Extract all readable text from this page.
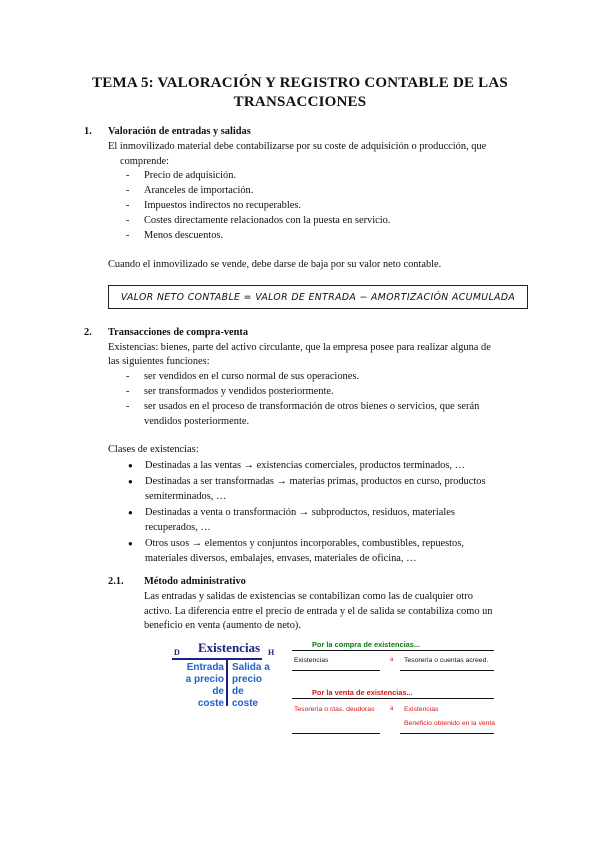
TEMA 5: VALORACIÓN Y REGISTRO CONTABLE DE LAS
TRANSACCIONES
1. Valoración de entradas y salidas
El inmovilizado material debe contabilizarse por su coste de adquisición o producción, que
comprende:
- Precio de adquisición.
- Aranceles de importación.
- Impuestos indirectos no recuperables.
- Costes directamente relacionados con la puesta en servicio.
- Menos descuentos.
Cuando el inmovilizado se vende, debe darse de baja por su valor neto contable.
VALOR NETO CONTABLE = VALOR DE ENTRADA − AMORTIZACIÓN ACUMULADA
2. Transacciones de compra-venta
Existencias: bienes, parte del activo circulante, que la empresa posee para realizar alguna de
las siguientes funciones:
- ser vendidos en el curso normal de sus operaciones.
- ser transformados y vendidos posteriormente.
- ser usados en el proceso de transformación de otros bienes o servicios, que serán
vendidos posteriormente.
Clases de existencias:
● Destinadas a las ventas → existencias comerciales, productos terminados, …
● Destinadas a ser transformadas → materias primas, productos en curso, productos
semiterminados, …
● Destinadas a venta o transformación → subproductos, residuos, materiales
recuperados, …
● Otros usos → elementos y conjuntos incorporables, combustibles, repuestos,
materiales diversos, embalajes, envases, materiales de oficina, …
2.1. Método administrativo
Las entradas y salidas de existencias se contabilizan como las de cualquier otro
activo. La diferencia entre el precio de entrada y el de salida se contabiliza como un
beneficio en venta (aumento de neto).
D Existencias H
Entrada
a precio
de
coste
Salida a
precio
de
coste
Por la compra de existencias...
Existencias	a Tesorería o cuentas acreed.
Por la venta de existencias...
Tesorería o ctas. deudoras	a Existencias
Beneficio obtenido en la venta
